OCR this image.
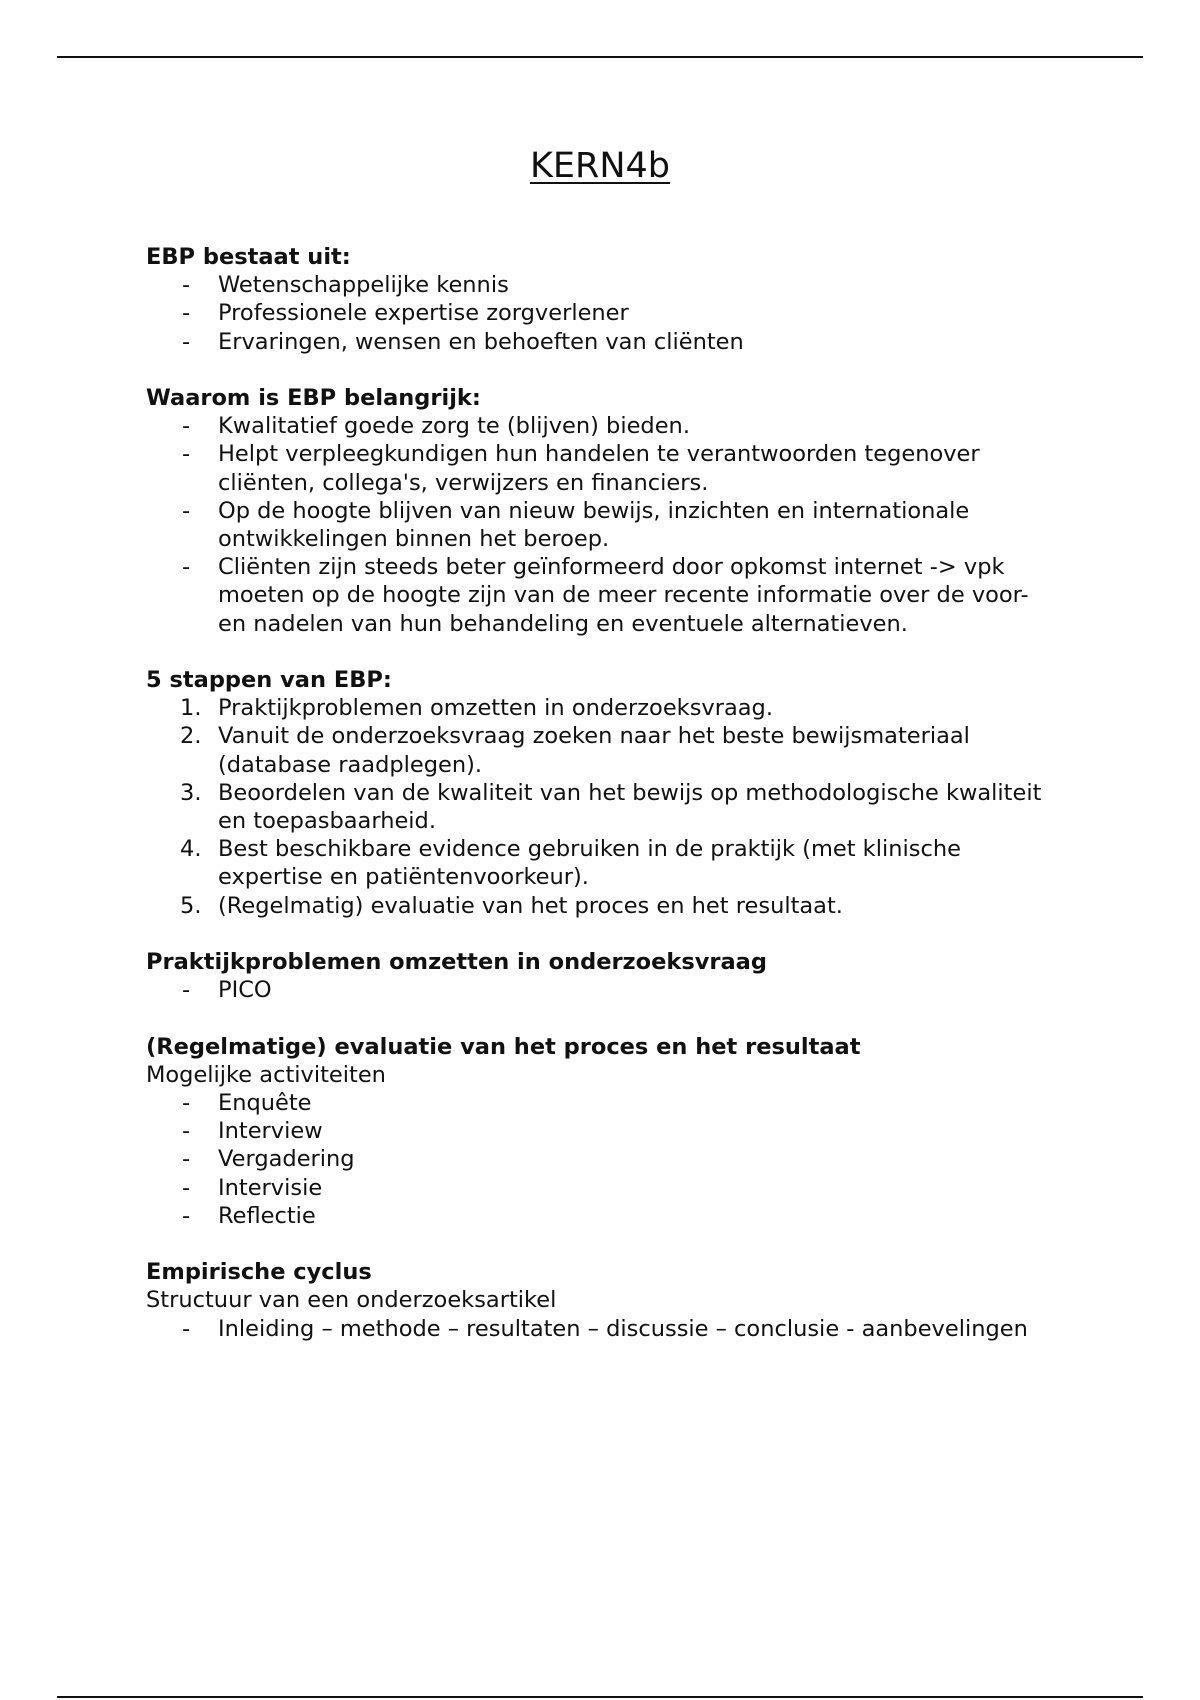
KERN4b

EBP bestaat uit:

- Wetenschappelijke kennis
- Professionele expertise zorgverlener
- Ervaringen, wensen en behoeften van cliënten

Waarom is EBP belangrijk:

- Kwalitatief goede zorg te (blijven) bieden.
- Helpt verpleegkundigen hun handelen te verantwoorden tegenover cliënten, collega's, verwijzers en financiers.
- Op de hoogte blijven van nieuw bewijs, inzichten en internationale ontwikkelingen binnen het beroep.
- Cliënten zijn steeds beter geïnformeerd door opkomst internet -> vpk moeten op de hoogte zijn van de meer recente informatie over de voor- en nadelen van hun behandeling en eventuele alternatieven.

5 stappen van EBP:

1. Praktijkproblemen omzetten in onderzoeksvraag.
2. Vanuit de onderzoeksvraag zoeken naar het beste bewijsmateriaal (database raadplegen).
3. Beoordelen van de kwaliteit van het bewijs op methodologische kwaliteit en toepasbaarheid.
4. Best beschikbare evidence gebruiken in de praktijk (met klinische expertise en patiëntenvoorkeur).
5. (Regelmatig) evaluatie van het proces en het resultaat.

Praktijkproblemen omzetten in onderzoeksvraag

- PICO

(Regelmatige) evaluatie van het proces en het resultaat

Mogelijke activiteiten

- Enquête
- Interview
- Vergadering
- Intervisie
- Reflectie

Empirische cyclus

Structuur van een onderzoeksartikel

- Inleiding – methode – resultaten – discussie – conclusie - aanbevelingen
